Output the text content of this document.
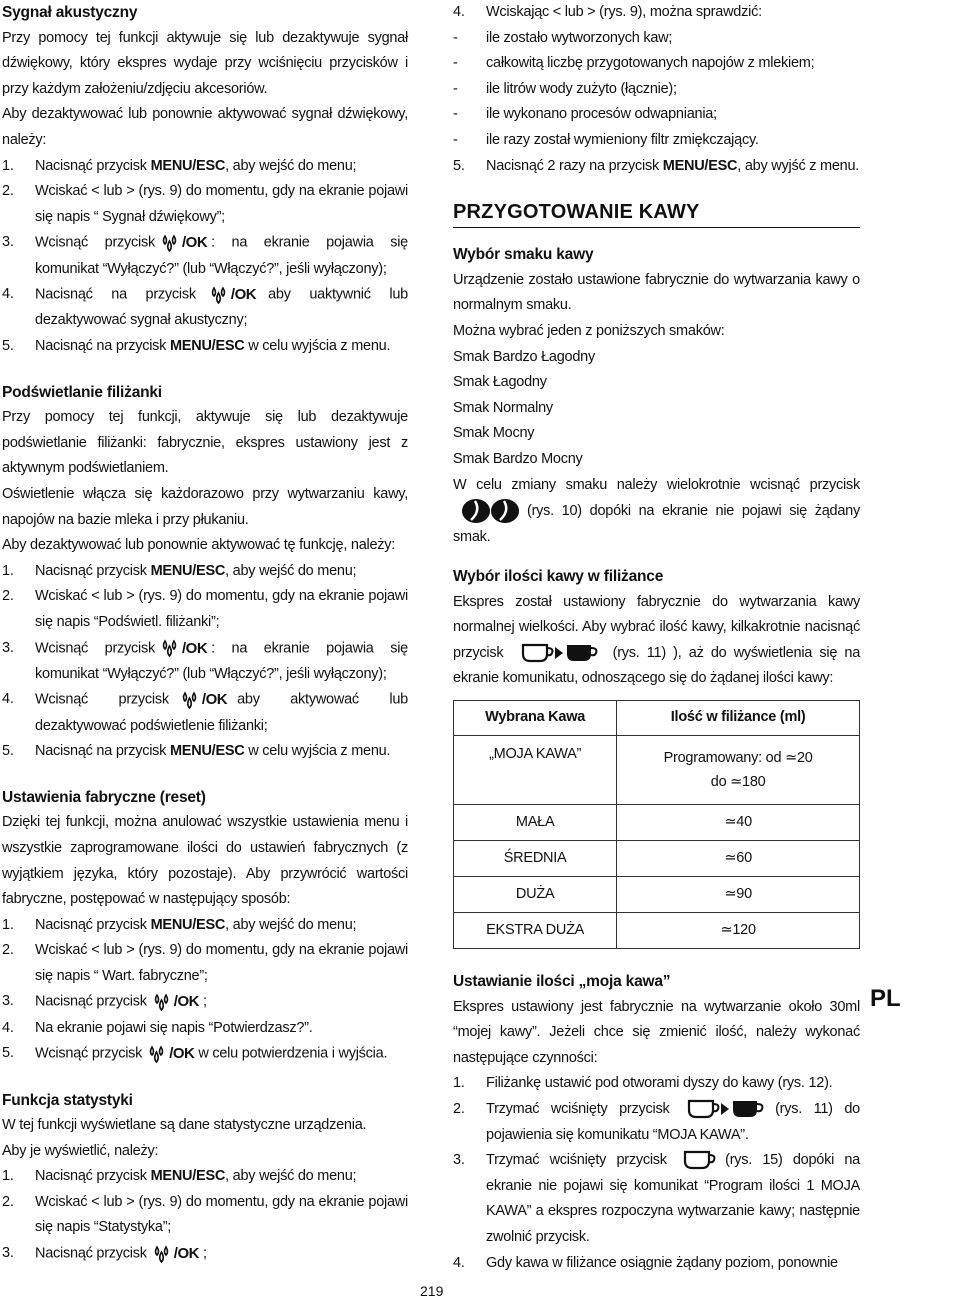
Sygnał akustyczny

Przy pomocy tej funkcji aktywuje się lub dezaktywuje sygnał dźwiękowy, który ekspres wydaje przy wciśnięciu przycisków i przy każdym założeniu/zdjęciu akcesoriów.

Aby dezaktywować lub ponownie aktywować sygnał dźwiękowy, należy:

1.	Nacisnąć przycisk MENU/ESC, aby wejść do menu;
2.	Wciskać < lub > (rys. 9) do momentu, gdy na ekranie pojawi się napis “ Sygnał dźwiękowy”;
3.	Wcisnąć przycisk /OK : na ekranie pojawia się komunikat “Wyłączyć?” (lub “Włączyć?”, jeśli wyłączony);
4.	Nacisnąć na przycisk /OK aby uaktywnić lub dezaktywować sygnał akustyczny;
5.	Nacisnąć na przycisk MENU/ESC w celu wyjścia z menu.
Podświetlanie filiżanki

Przy pomocy tej funkcji, aktywuje się lub dezaktywuje podświetlanie filiżanki: fabrycznie, ekspres ustawiony jest z aktywnym podświetlaniem.

Oświetlenie włącza się każdorazowo przy wytwarzaniu kawy, napojów na bazie mleka i przy płukaniu.

Aby dezaktywować lub ponownie aktywować tę funkcję, należy:

1.	Nacisnąć przycisk MENU/ESC, aby wejść do menu;
2.	Wciskać < lub > (rys. 9) do momentu, gdy na ekranie pojawi się napis “Podświetl. filiżanki”;
3.	Wcisnąć przycisk /OK : na ekranie pojawia się komunikat “Wyłączyć?” (lub “Włączyć?”, jeśli wyłączony);
4.	Wcisnąć przycisk /OK aby aktywować lub dezaktywować podświetlenie filiżanki;
5.	Nacisnąć na przycisk MENU/ESC w celu wyjścia z menu.
Ustawienia fabryczne (reset)

Dzięki tej funkcji, można anulować wszystkie ustawienia menu i wszystkie zaprogramowane ilości do ustawień fabrycznych (z wyjątkiem języka, który pozostaje). Aby przywrócić wartości fabryczne, postępować w następujący sposób:

1.	Nacisnąć przycisk MENU/ESC, aby wejść do menu;
2.	Wciskać < lub > (rys. 9) do momentu, gdy na ekranie pojawi się napis “ Wart. fabryczne”;
3.	Nacisnąć przycisk /OK ;
4.	Na ekranie pojawi się napis “Potwierdzasz?”.
5.	Wcisnąć przycisk /OK w celu potwierdzenia i wyjścia.
Funkcja statystyki

W tej funkcji wyświetlane są dane statystyczne urządzenia.

Aby je wyświetlić, należy:

1.	Nacisnąć przycisk MENU/ESC, aby wejść do menu;
2.	Wciskać < lub > (rys. 9) do momentu, gdy na ekranie pojawi się napis “Statystyka”;
3.	Nacisnąć przycisk /OK ;
4.	Wciskając < lub > (rys. 9), można sprawdzić:
-	ile zostało wytworzonych kaw;
-	całkowitą liczbę przygotowanych napojów z mlekiem;
-	ile litrów wody zużyto (łącznie);
-	ile wykonano procesów odwapniania;
-	ile razy został wymieniony filtr zmiękczający.
5.	Nacisnąć 2 razy na przycisk MENU/ESC, aby wyjść z menu.
PRZYGOTOWANIE KAWY
Wybór smaku kawy

Urządzenie zostało ustawione fabrycznie do wytwarzania kawy o normalnym smaku.

Można wybrać jeden z poniższych smaków:

Smak Bardzo Łagodny
Smak Łagodny
Smak Normalny
Smak Mocny
Smak Bardzo Mocny

W celu zmiany smaku należy wielokrotnie wcisnąć przycisk
(rys. 10) dopóki na ekranie nie pojawi się żądany smak.

Wybór ilości kawy w filiżance

Ekspres został ustawiony fabrycznie do wytwarzania kawy normalnej wielkości. Aby wybrać ilość kawy, kilkakrotnie nacisnąć przycisk	(rys. 11) ), aż do wyświetlenia się na ekranie komunikatu, odnoszącego się do żądanej ilości kawy:

Wybrana Kawa	Ilość w filiżance (ml)
„MOJA KAWA”	Programowany: od ≃20
do ≃180

MAŁA	≃40
ŚREDNIA	≃60
DUŻA	≃90
EKSTRA DUŻA	≃120
Ustawianie ilości „moja kawa”

Ekspres ustawiony jest fabrycznie na wytwarzanie około 30ml “mojej kawy”. Jeżeli chce się zmienić ilość, należy wykonać następujące czynności:

1.	Filiżankę ustawić pod otworami dyszy do kawy (rys. 12).
2.	Trzymać wciśnięty przycisk	(rys. 11) do pojawienia się komunikatu “MOJA KAWA”.
3.	Trzymać wciśnięty przycisk	(rys. 15) dopóki na ekranie nie pojawi się komunikat “Program ilości 1 MOJA KAWA” a ekspres rozpoczyna wytwarzanie kawy; następnie zwolnić przycisk.
4.	Gdy kawa w filiżance osiągnie żądany poziom, ponownie
PL
219
